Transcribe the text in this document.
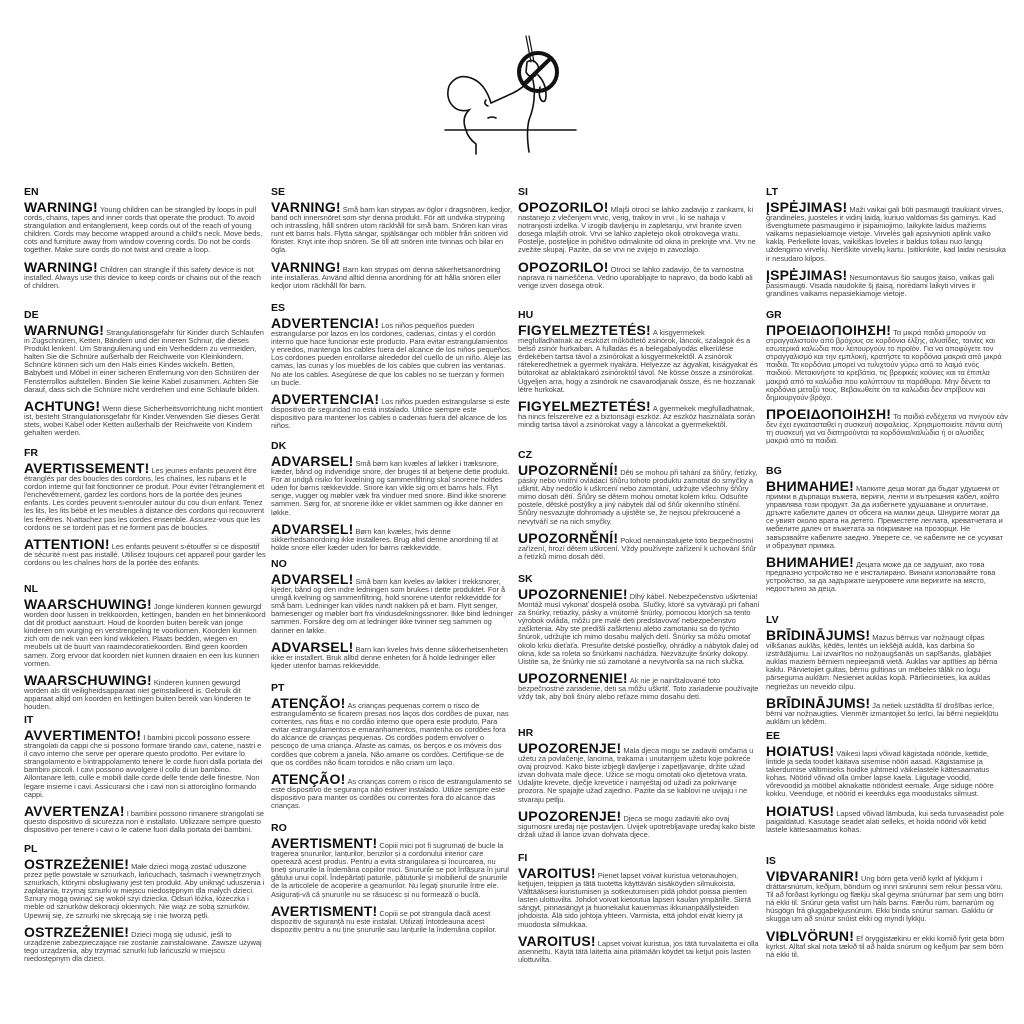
EN
WARNING! Young children can be strangled by loops in pull cords, chains, tapes and inner cords that operate the product. To avoid strangulation and entanglement, keep cords out of the reach of young children. Cords may become wrapped around a child's neck. Move beds, cots and furniture away from window covering cords. Do not be cords together. Make sure cords do not twist and create a loop.
WARNING! Children can strangle if this safety device is not installed. Always use this device to keep cords or chains out of the reach of children.
DE
WARNUNG! Strangulationsgefahr für Kinder durch Schlaufen in Zugschnüren, Ketten, Bändern und der inneren Schnur, die dieses Produkt lenken!. Um Strangulierung und ein Verheddern zu vermeiden, halten Sie die Schnüre außerhalb der Reichweite von Kleinkindern. Schnüre können sich um den Hals eines Kindes wickeln. Betten, Babybett und Möbel in einer sicheren Entfernung von den Schnüren der Fensterrollos aufstellen. Binden Sie keine Kabel zusammen. Achten Sie darauf, dass sich die Schnüre nicht verdrehen und eine Schlaufe bilden.
ACHTUNG! Wenn diese Sicherheitsvorrichtung nicht montiert ist, besteht Strangulationsgefahr für Kinder.Verwenden Sie dieses Gerät stets, wobei Kabel oder Ketten außerhalb der Reichweite von Kindern gehalten werden.
FR
AVERTISSEMENT! Les jeunes enfants peuvent être étranglés par des boucles des cordons, les chaînes, les rubans et le cordon interne qui fait fonctionner ce produit. Pour éviter l'étranglement et l'enchevêtrement, gardez les cordons hors de la portée des jeunes enfants. Les cordes peuvent s›enrouler autour du cou d›un enfant. Tenez les lits, les lits bébé et les meubles à distance des cordons qui recouvrent les fenêtres. N›attachez pas les cordes ensemble. Assurez-vous que les cordons ne se tordent pas et ne forment pas de boucles.
ATTENTION! Les enfants peuvent s›étouffer si ce dispositif de sécurité n›est pas installé. Utilisez toujours cet appareil pour garder les cordons ou les chaînes hors de la portée des enfants.
NL
WAARSCHUWING! Jonge kinderen kunnen gewurgd worden door lussen in trekkoorden, kettingen, banden en het binnenkoord dat dit product aanstuurt. Houd de koorden buiten bereik van jonge kinderen om wurging en verstrengeling te voorkomen. Koorden kunnen zich om de nek van een kind wikkelen. Plaats bedden, wiegen en meubels uit de buurt van raamdecoratiekoorden. Bind geen koorden samen. Zorg ervoor dat koorden niet kunnen draaien en een lus kunnen vormen.
WAARSCHUWING! Kinderen kunnen gewurgd worden als dit veiligheidsapparaat niet geïnstalleerd is. Gebruik dit apparaat altijd om koorden en kettingen buiten bereik van kinderen te houden.
IT
AVVERTIMENTO! I bambini piccoli possono essere strangolati da cappi che si possono formare tirando cavi, catene, nastri e il cavo interno che serve per operare questo prodotto. Per evitare lo strangolamento e l›intrappolamento tenere le corde fuori dalla portata dei bambini piccoli. I cavi possono avvolgere il collo di un bambino. Allontanare letti, culle e mobili dalle corde delle tende delle finestre. Non legare insieme i cavi. Assicurarsi che i cavi non si attorciglino formando cappi.
AVVERTENZA! I bambini possono rimanere strangolati se questo dispositivo di sicurezza non è installato. Utilizzare sempre questo dispositivo per tenere i cavi o le catene fuori dalla portata dei bambini.
PL
OSTRZEŻENIE! Małe dzieci mogą zostać uduszone przez pętle powstałe w sznurkach, łańcuchach, taśmach i wewnętrznych sznurkach, którymi obsługiwany jest ten produkt. Aby uniknąć uduszenia i zaplątania, trzymaj sznurki w miejscu niedostępnym dla małych dzieci. Sznury mogą owinąć się wokół szyi dziecka. Odsuń łóżka, łóżeczka i meble od sznurków dekoracji okiennych. Nie wiąż ze sobą sznurków. Upewnij się, że sznurki nie skręcają się i nie tworzą pętli.
OSTRZEŻENIE! Dzieci mogą się udusić, jeśli to urządzenie zabezpieczające nie zostanie zainstalowane. Zawsze używaj tego urządzenia, aby trzymać sznurki lub łańcuszki w miejscu niedostępnym dla dzieci.
SE
VARNING! Små barn kan strypas av öglor i dragsnören, kedjor, band och innersnöret som styr denna produkt. För att undvika strypning och intrassling, håll snören utom räckhåll för små barn. Snören kan viras runt ett barns hals. Flytta sängar, spjälsängar och möbler från snören vid fönster. Knyt inte ihop snören. Se till att snören inte tvinnas och bilar en ögla.
VARNING! Barn kan strypas om denna säkerhetsanordning inte installeras. Använd alltid denna anordning för att hålla snören eller kedjor utom räckhåll för barn.
ES
ADVERTENCIA! Los niños pequeños pueden estrangularse por lazos en los cordones, cadenas, cintas y el cordón interno que hace funcionar este producto. Para evitar estrangulamientos y enredos, mantenga los cables fuera del alcance de los niños pequeños. Los cordones pueden enrollarse alrededor del cuello de un niño. Aleje las camas, las cunas y los muebles de los cables que cubren las ventanas. No ate los cables. Asegúrese de que los cables no se tuerzan y formen un bucle.
ADVERTENCIA! Los niños pueden estrangularse si este dispositivo de seguridad no está instalado. Utilice siempre este dispositivo para mantener los cables o cadenas fuera del alcance de los niños.
DK
ADVARSEL! Små børn kan kvæles af løkker i træksnore, kæder, bånd og indvendige snore, der bruges til at betjene dette produkt. For at undgå risiko for kvælning og sammenfiltring skal snorene holdes uden for børns rækkevidde. Snore kan vikle sig om et barns hals. Flyt senge, vugger og møbler væk fra vinduer med snore. Bind ikke snorene sammen. Sørg for, at snorene ikke er viklet sammen og ikke danner en løkke.
ADVARSEL! Børn kan kvæles, hvis denne sikkerhedsanordning ikke installeres. Brug altid denne anordning til at holde snore eller kæder uden for børns rækkevidde.
NO
ADVARSEL! Små barn kan kveles av løkker i trekksnorer, kjeder, bånd og den indre ledningen som brukes i dette produktet. For å unngå kvelning og sammenfiltring, hold snorene utenfor rekkevidde for små barn. Ledninger kan vikles rundt nakken på et barn. Flytt senger, barnesenger og møbler bort fra vindusdekningssnorer. Ikke bind ledninger sammen. Forsikre deg om at ledninger ikke tvinner seg sammen og danner en løkke.
ADVARSEL! Barn kan kveles hvis denne sikkerhetsenheten ikke er installert. Bruk alltid denne enheten for å holde ledninger eller kjeder utenfor barnas rekkevidde.
PT
ATENÇÃO! As crianças pequenas correm o risco de estrangulamento se ficarem presas nos laços dos cordões de puxar, nas correntes, nas fitas e no cordão interno que opera este produto. Para evitar estrangulamentos e emaranhamentos, mantenha os cordões fora do alcance de crianças pequenas. Os cordões podem envolver o pescoço de uma criança. Afaste as camas, os berços e os móveis dos cordões que cobrem a janela. Não amarre os cordões. Certifique-se de que os cordões não ficam torcidos e não criam um laço.
ATENÇÃO! As crianças correm o risco de estrangulamento se este dispositivo de segurança não estiver instalado. Utilize sempre este dispositivo para manter os cordões ou correntes fora do alcance das crianças.
RO
AVERTISMENT! Copiii mici pot fi sugrumați de bucle la tragerea șnururilor, lanțurilor, benzilor și a cordonului interior care operează acest produs. Pentru a evita strangularea și încurcarea, nu țineți șnururile la îndemâna copiilor mici. Șnururile se pot înfășura în jurul gâtului unui copil. Îndepărtați paturile, pătuțurile și mobilierul de șnururile de la articolele de acoperire a geamurilor. Nu legați șnururile între ele. Asigurați-vă că șnururile nu se răsucesc și nu formează o buclă.
AVERTISMENT! Copiii se pot strangula dacă acest dispozitiv de siguranță nu este instalat. Utilizați întotdeauna acest dispozitiv pentru a nu ține șnururile sau lanțurile la îndemâna copiilor.
SI
OPOZORILO! Mlajši otroci se lahko zadavijo z zankami, ki nastanejo z vlečenjem vrvic, verig, trakov in vrvi , ki se nahaja v notranjosti izdelka. V izogib davljenju in zapletanju, vrvi hranite izven dosega mlajših otrok. Vrvi se lahko zapletejo okoli otrokovega vratu. Postelje, posteljice in pohištvo odmaknite od okna in prekrijte vrvi. Vrv ne zvežite skupaj. Pazite, da se vrvi ne zvijejo in zavozlajo.
OPOZORILO! Otroci se lahko zadavijo, če ta varnostna naprava ni nameščena. Vedno uporabljajte to napravo, da bodo kabli ali verige izven dosega otrok.
HU
FIGYELMEZTETÉS! A kisgyermekek megfulladhatnak az eszközt működtető zsinórok, láncok, szalagok és a belső zsinór hurkaiban. A fulladás és a belegabalyodás elkerülése érdekében tartsa távol a zsinórokat a kisgyermekektől. A zsinórok rátekeredhetnek a gyermek nyakára. Helyezze az ágyakat, kiságyakat és bútorokat az ablaktakaró zsinóroktól távol. Ne kösse össze a zsinórokat. Ügyeljen arra, hogy a zsinórok ne csavarodjanak össze, és ne hozzanak létre hurkokat.
FIGYELMEZTETÉS! A gyermekek megfulladhatnak, ha nincs felszerelve ez a biztonsági eszköz. Az eszköz használata során mindig tartsa távol a zsinórokat vagy a láncokat a gyermekektől.
CZ
UPOZORNĚNÍ! Děti se mohou při tahání za šňůry, řetízky, pásky nebo vnitřní ovládací šňůru tohoto produktu zamotat do smyčky a uškrtit. Aby nedošlo k uškrcení nebo zamotání, udržujte všechny šňůry mimo dosah dětí. Šňůry se dětem mohou omotat kolem krku. Odsuňte postele, dětské postýlky a jiný nábytek dál od šňůr okenního stínění. Šňůry nesvazujte dohromady a ujistěte se, že nejsou překroucené a nevytváří se na nich smyčky.
UPOZORNĚNÍ! Pokud nenainstalujete toto bezpečnostní zařízení, hrozí dětem uškrcení. Vždy používejte zařízení k uchování šňůr a řetízků mimo dosah dětí.
SK
UPOZORNENIE! Dlhý kábel. Nebezpečenstvo uškrtenia! Montáž musí vykonať dospelá osoba. Slučky, ktoré sa vytvárajú pri ťahaní za šnúrky, retiazky, pásky a vnútorné šnúrky, pomocou ktorých sa tento výrobok ovláda, môžu pre malé deti predstavovať nebezpečenstvo zaškrtenia. Aby ste predišli zaškrteniu alebo zamotaniu sa do týchto šnúrok, udržujte ich mimo dosahu malých detí. Šnúrky sa môžu omotať okolo krku dieťaťa. Presuňte detské postieľky, ohrádky a nábytok ďalej od okna, kde sa roleta so šnúrkami nachádza. Nezväzujte šnúrky dokopy. Uistite sa, že šnúrky nie sú zamotané a nevytvorila sa na nich slučka.
UPOZORNENIE! Ak nie je nainštalované toto bezpečnostné zariadenie, deti sa môžu uškrtiť. Toto zariadenie používajte vždy tak, aby boli šnúry alebo reťaze mimo dosahu detí.
HR
UPOZORENJE! Mala djeca mogu se zadaviti omčama u užetu za povlačenje, lancima, trakama i unutarnjem užetu koje pokreće ovaj proizvod. Kako biste izbjegli davljenje i zapetljavanje, držite užad izvan dohvata male djece. Užice se mogu omotati oko djetetova vrata. Udaljite krevete, dječje krevetiće i namještaj od užadi za pokrivanje prozora. Ne spajajte užad zajedno. Pazite da se kablovi ne uvijaju i ne stvaraju petlju.
UPOZORENJE! Djeca se mogu zadaviti ako ovaj sigurnosni uređaj nije postavljen. Uvijek upotrebljavajte uređaj kako biste držali užad ili lance izvan dohvata djece.
FI
VAROITUS! Pienet lapset voivat kuristua vetonauhojen, ketjujen, teippien ja tätä tuotetta käyttävän sisäköyden silmukoista. Välttääksesi kuristumisen ja sotkeutumisen pidä johdot poissa pienten lasten ulottuvilta. Johdot voivat kietoutua lapsen kaulan ympärille. Siirrä sängyt, pinnasängyt ja huonekalut kauemmas ikkunanpäällysteiden johdoista. Älä sido johtoja yhteen. Varmista, että johdot eivät kierry ja muodosta silmukkaa.
VAROITUS! Lapset voivat kuristua, jos tätä turvalaitetta ei olla asennettu. Käytä tätä laitetta aina pitämään köydet tai ketjut pois lasten ulottuvilta.
LT
ĮSPĖJIMAS! Maži vaikai gali būti pasmaugti traukiant virves, grandinėles, juosteles ir vidinį laidą, kuriuo valdomas šis gaminys. Kad išvengtumėte pasmaugimo ir įsipainiojimo, laikykite laidus mažiems vaikams nepasiekiamoje vietoje. Virvelės gali apsivynioti aplink vaiko kaklą. Perkelkite lovas, vaikiškas loveles ir baldus toliau nuo langų uždengimo virvelių. Neriškite virvelių kartu. Įsitikinkite, kad laidai nesisuka ir nesudaro kilpos.
ĮSPĖJIMAS! Nesumontavus šio saugos įtaiso, vaikas gali pasismaugti. Visada naudokite šį įtaisą, norėdami laikyti virves ir grandines vaikams nepasiekiamoje vietoje.
GR
ΠΡΟΕΙΔΟΠΟΙΗΣΗ! Τα μικρά παιδιά μπορούν να στραγγαλιστούν από βρόχους σε κορδόνια έλξης, αλυσίδες, ταινίες και εσωτερικά καλώδια που λειτουργούν το προϊόν. Για να αποφύγετε τον στραγγαλισμό και την εμπλοκή, κρατήστε τα κορδόνια μακριά από μικρά παιδιά. Τα κορδόνια μπορεί να τυλιχτούν γύρω από το λαιμό ενός παιδιού. Μετακινήστε τα κρεβάτια, τις βρεφικές κούνιες και τα έπιπλα μακριά από τα καλώδια που καλύπτουν τα παράθυρα. Μην δένετε τα κορδόνια μεταξύ τους. Βεβαιωθείτε ότι τα καλώδια δεν στρίβουν και δημιουργούν βρόχο.
ΠΡΟΕΙΔΟΠΟΙΗΣΗ! Τα παιδιά ενδέχεται να πνιγούν εάν δεν έχει εγκατασταθεί η συσκευή ασφαλείας. Χρησιμοποιείτε πάντα αυτή τη συσκευή για να διατηρούνται τα κορδόνια/καλώδια ή οι αλυσίδες μακριά από τα παιδιά.
BG
ВНИМАНИЕ! Малките деца могат да бъдат удушени от примки в дърпащи въжета, вериги, ленти и вътрешния кабел, който управлява този продукт. За да избегнете удушаване и оплитане, дръжте кабелите далеч от обсега на малки деца. Шнурите могат да се увият около врата на детето. Преместете леглата, креватчетата и мебелите далеч от въжетата за покриване на прозорци. Не завързвайте кабелите заедно. Уверете се, че кабелите не се усукват и образуват примка.
ВНИМАНИЕ! Децата може да се задушат, ако това предпазно устройство не е инсталирано. Винаги използвайте това устройство, за да задържате шнуровете или веригите на място, недостъпно за деца.
LV
BRĪDINĀJUMS! Mazus bērnus var nožņaugt cilpas vilkšanas auklās, ķēdēs, lentēs un iekšējā auklā, kas darbina šo izstrādājumu. Lai izvairītos no nožņaugšanās un sapīšanās, glabājiet auklas maziem bērniem nepieejamā vietā. Auklas var aptīties ap bērna kaklu. Pārvietojiet gultas, bērnu gultiņas un mēbeles tālāk no logu pārseguma auklām. Nesieniet auklas kopā. Pārliecinieties, ka auklas negriežas un neveido cilpu.
BRĪDINĀJUMS! Ja netiek uzstādīta šī drošības ierīce, bērni var nožņaugties. Vienmēr izmantojiet šo ierīci, lai bērni nepiekļūtu auklām un ķēdēm.
EE
HOIATUS! Väikesi lapsi võivad kägistada nööride, kettide, lintide ja seda toodet käitava sisemise nööri aasad. Kägistamise ja takerdumise vältimiseks hoidke juhtmeid väikelastele kättesaamatus kohas. Nöörid võivad olla ümber lapse kaela. Liigutage voodid, võrevoodid ja mööbel aknakatte nööridest eemale. Ärge siduge nööre kokku. Veenduge, et nöörid ei keerduks ega moodustaks silmust.
HOIATUS! Lapsed võivad lämbuda, kui seda turvaseadist pole paigaldatud. Kasutage seadet alati selleks, et hoida nöörid või ketid lastele kättesaamatus kohas.
IS
VIÐVARANIR! Ung börn geta verið kyrkt af lykkjum í dráttarsnúrum, keðjum, böndum og innri snúrunni sem rekur þessa vöru. Til að forðast kyrkingu og flækju skal geyma snúrurnar þar sem ung börn ná ekki til. Snúrur geta vafist um háls barns. Færðu rúm, barnarúm og húsgögn frá gluggaþekjusnúrum. Ekki binda snúrur saman. Gakktu úr skugga um að snúrur snúist ekki og myndi lykkju.
VIÐLVÖRUN! Ef öryggistækinu er ekki komið fyrir geta börn kyrkst. Alltaf skal nota tækið til að halda snúrum og keðjum þar sem börn ná ekki til.
